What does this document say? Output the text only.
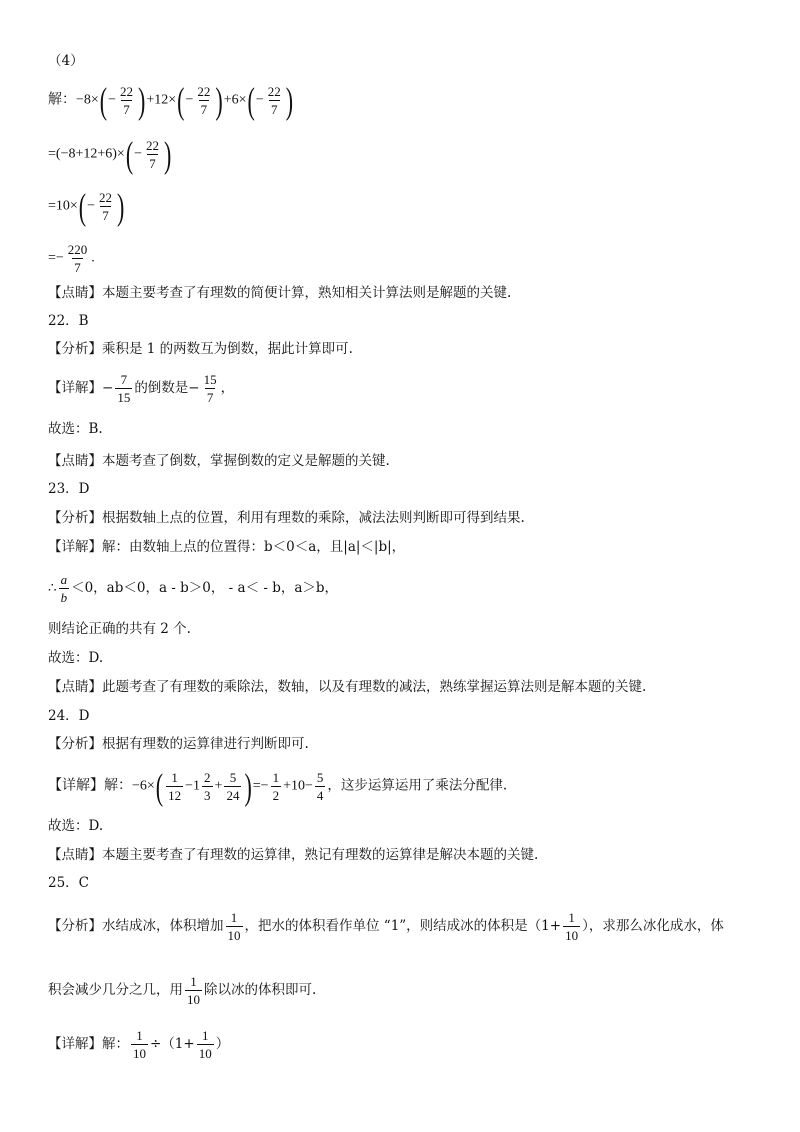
（4）
解：$-8\times(- \frac{22}{7} )+12\times(- \frac{22}{7} )+6\times(- \frac{22}{7}$ )
$=(-8+12+6)\times(- \frac{22}{7}$ )
$=10\times(- \frac{22}{7}$ )
=− $\frac{220}{7}$ .
【点睛】本题主要考查了有理数的简便计算，熟知相关计算法则是解题的关键.
22．B
【分析】乘积是 1 的两数互为倒数，据此计算即可.
【详解】− $\frac{7}{15}$ 的倒数是− $\frac{15}{7}$ ，
故选：B.
【点睛】本题考查了倒数，掌握倒数的定义是解题的关键.
23．D
【分析】根据数轴上点的位置，利用有理数的乘除，减法法则判断即可得到结果.
【详解】解：由数轴上点的位置得：b＜0＜a，且|a|＜|b|，
∴ $\frac{a}{b} <0$，ab＜0，a - b＞0， - a＜ - b，a＞b，
则结论正确的共有 2 个.
故选：D.
【点睛】此题考查了有理数的乘除法，数轴，以及有理数的减法，熟练掌握运算法则是解本题的关键.
24．D
【分析】根据有理数的运算律进行判断即可.
【详解】解：$-6\times( \frac{1}{12} -1 \frac{2}{3} + \frac{5}{24}$ )=− $\frac{1}{2} +10- \frac{5}{4}$ ，这步运算运用了乘法分配律.
故选：D.
【点睛】本题主要考查了有理数的运算律，熟记有理数的运算律是解决本题的关键.
25．C
【分析】水结成冰，体积增加 $\frac{1}{10}$ ，把水的体积看作单位 “1”，则结成冰的体积是（$1+ \frac{1}{10}$ ），求那么冰化成水，体
积会减少几分之几，用 $\frac{1}{10}$ 除以冰的体积即可.
【详解】解： $\frac{1}{10} \div(1+ \frac{1}{10}$ ）
